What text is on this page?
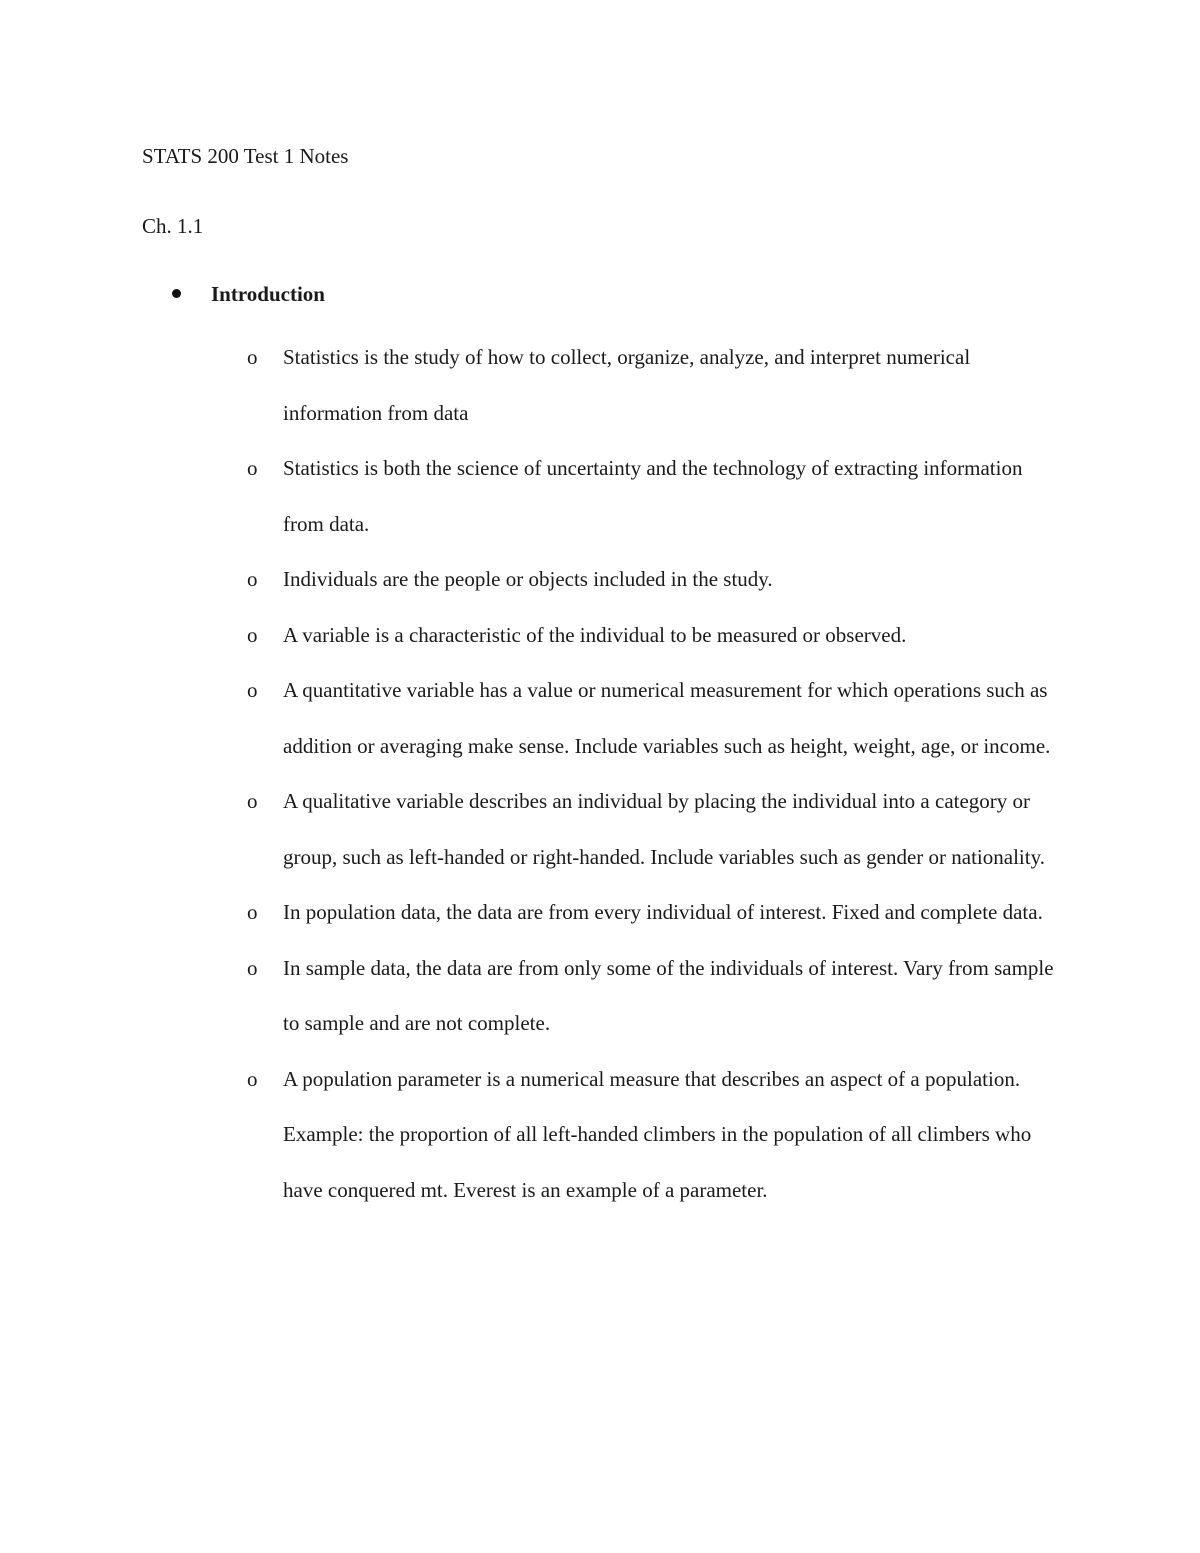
STATS 200 Test 1 Notes
Ch. 1.1
Introduction
o	Statistics is the study of how to collect, organize, analyze, and interpret numerical information from data
o	Statistics is both the science of uncertainty and the technology of extracting information from data.
o	Individuals are the people or objects included in the study.
o	A variable is a characteristic of the individual to be measured or observed.
o	A quantitative variable has a value or numerical measurement for which operations such as addition or averaging make sense. Include variables such as height, weight, age, or income.
o	A qualitative variable describes an individual by placing the individual into a category or group, such as left-handed or right-handed. Include variables such as gender or nationality.
o	In population data, the data are from every individual of interest. Fixed and complete data.
o	In sample data, the data are from only some of the individuals of interest. Vary from sample to sample and are not complete.
o	A population parameter is a numerical measure that describes an aspect of a population. Example: the proportion of all left-handed climbers in the population of all climbers who have conquered mt. Everest is an example of a parameter.
